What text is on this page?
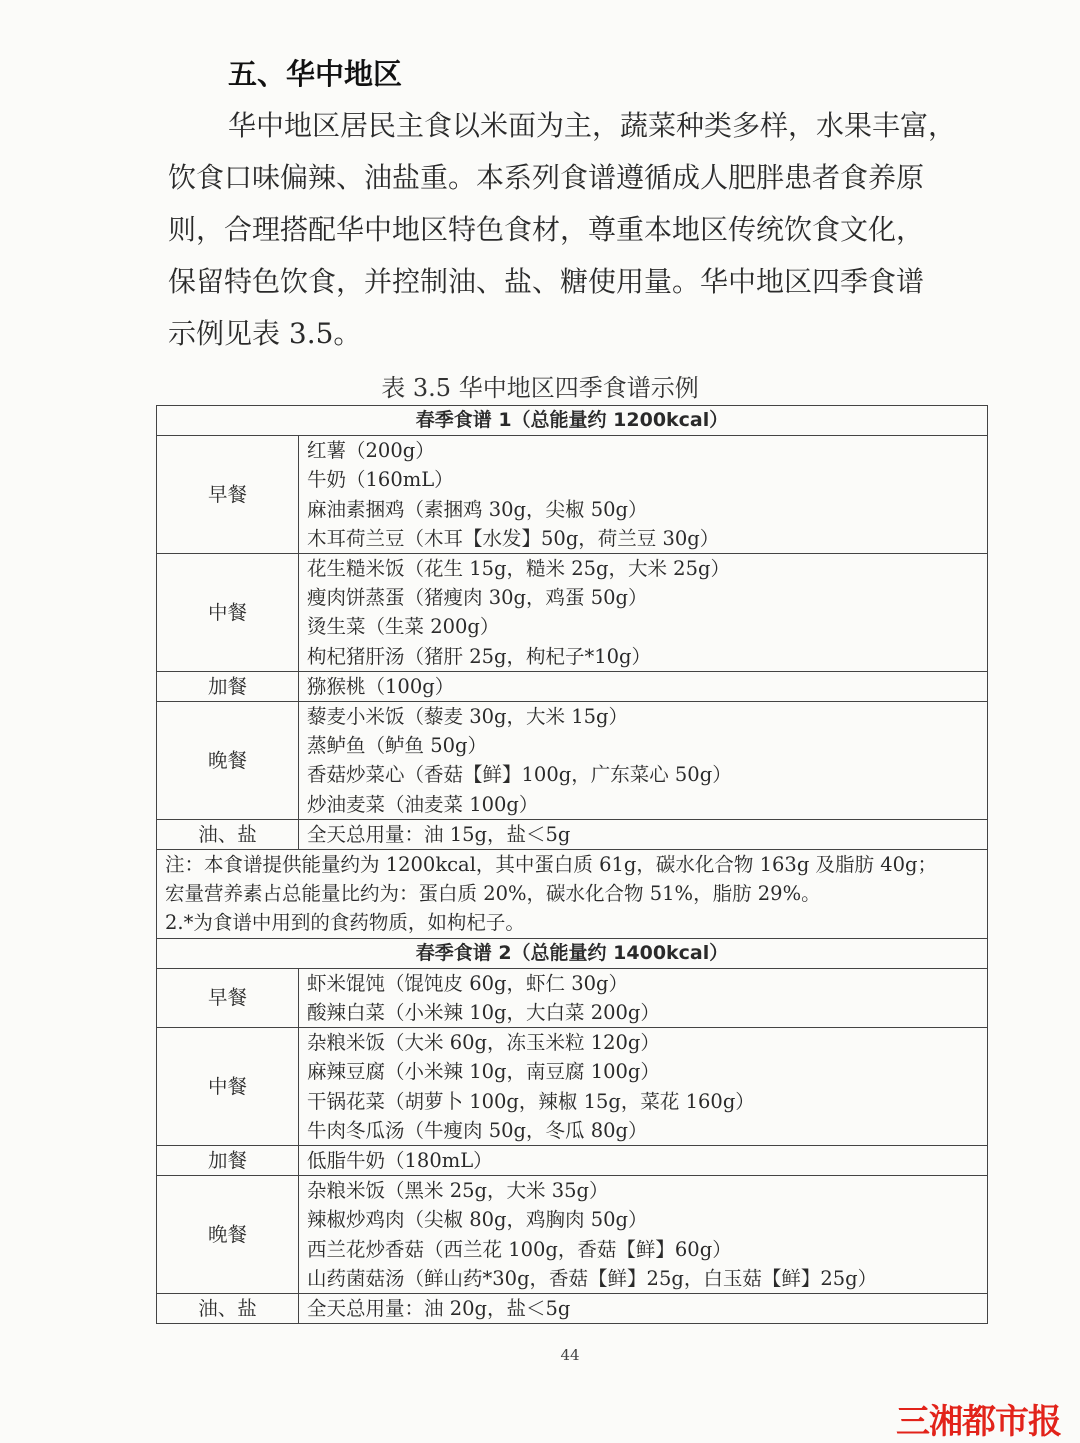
五、华中地区
华中地区居民主食以米面为主，蔬菜种类多样，水果丰富，
饮食口味偏辣、油盐重。本系列食谱遵循成人肥胖患者食养原
则，合理搭配华中地区特色食材，尊重本地区传统饮食文化，
保留特色饮食，并控制油、盐、糖使用量。华中地区四季食谱
示例见表 3.5。
表 3.5 华中地区四季食谱示例
春季食谱 1（总能量约 1200kcal）	
早餐	红薯（200g）
牛奶（160mL）
麻油素捆鸡（素捆鸡 30g，尖椒 50g）
木耳荷兰豆（木耳【水发】50g，荷兰豆 30g）

中餐	花生糙米饭（花生 15g，糙米 25g，大米 25g）
瘦肉饼蒸蛋（猪瘦肉 30g，鸡蛋 50g）
烫生菜（生菜 200g）
枸杞猪肝汤（猪肝 25g，枸杞子*10g）

加餐	猕猴桃（100g）

晚餐	藜麦小米饭（藜麦 30g，大米 15g）
蒸鲈鱼（鲈鱼 50g）
香菇炒菜心（香菇【鲜】100g，广东菜心 50g）
炒油麦菜（油麦菜 100g）

油、盐	全天总用量：油 15g，盐＜5g

注：本食谱提供能量约为 1200kcal，其中蛋白质 61g，碳水化合物 163g 及脂肪 40g；
宏量营养素占总能量比约为：蛋白质 20%，碳水化合物 51%，脂肪 29%。
2.*为食谱中用到的食药物质，如枸杞子。	

春季食谱 2（总能量约 1400kcal）	
早餐	虾米馄饨（馄饨皮 60g，虾仁 30g）
酸辣白菜（小米辣 10g，大白菜 200g）

中餐	杂粮米饭（大米 60g，冻玉米粒 120g）
麻辣豆腐（小米辣 10g，南豆腐 100g）
干锅花菜（胡萝卜 100g，辣椒 15g，菜花 160g）
牛肉冬瓜汤（牛瘦肉 50g，冬瓜 80g）

加餐	低脂牛奶（180mL）

晚餐	杂粮米饭（黑米 25g，大米 35g）
辣椒炒鸡肉（尖椒 80g，鸡胸肉 50g）
西兰花炒香菇（西兰花 100g，香菇【鲜】60g）
山药菌菇汤（鲜山药*30g，香菇【鲜】25g，白玉菇【鲜】25g）

油、盐	全天总用量：油 20g，盐＜5g
44
三湘都市报
